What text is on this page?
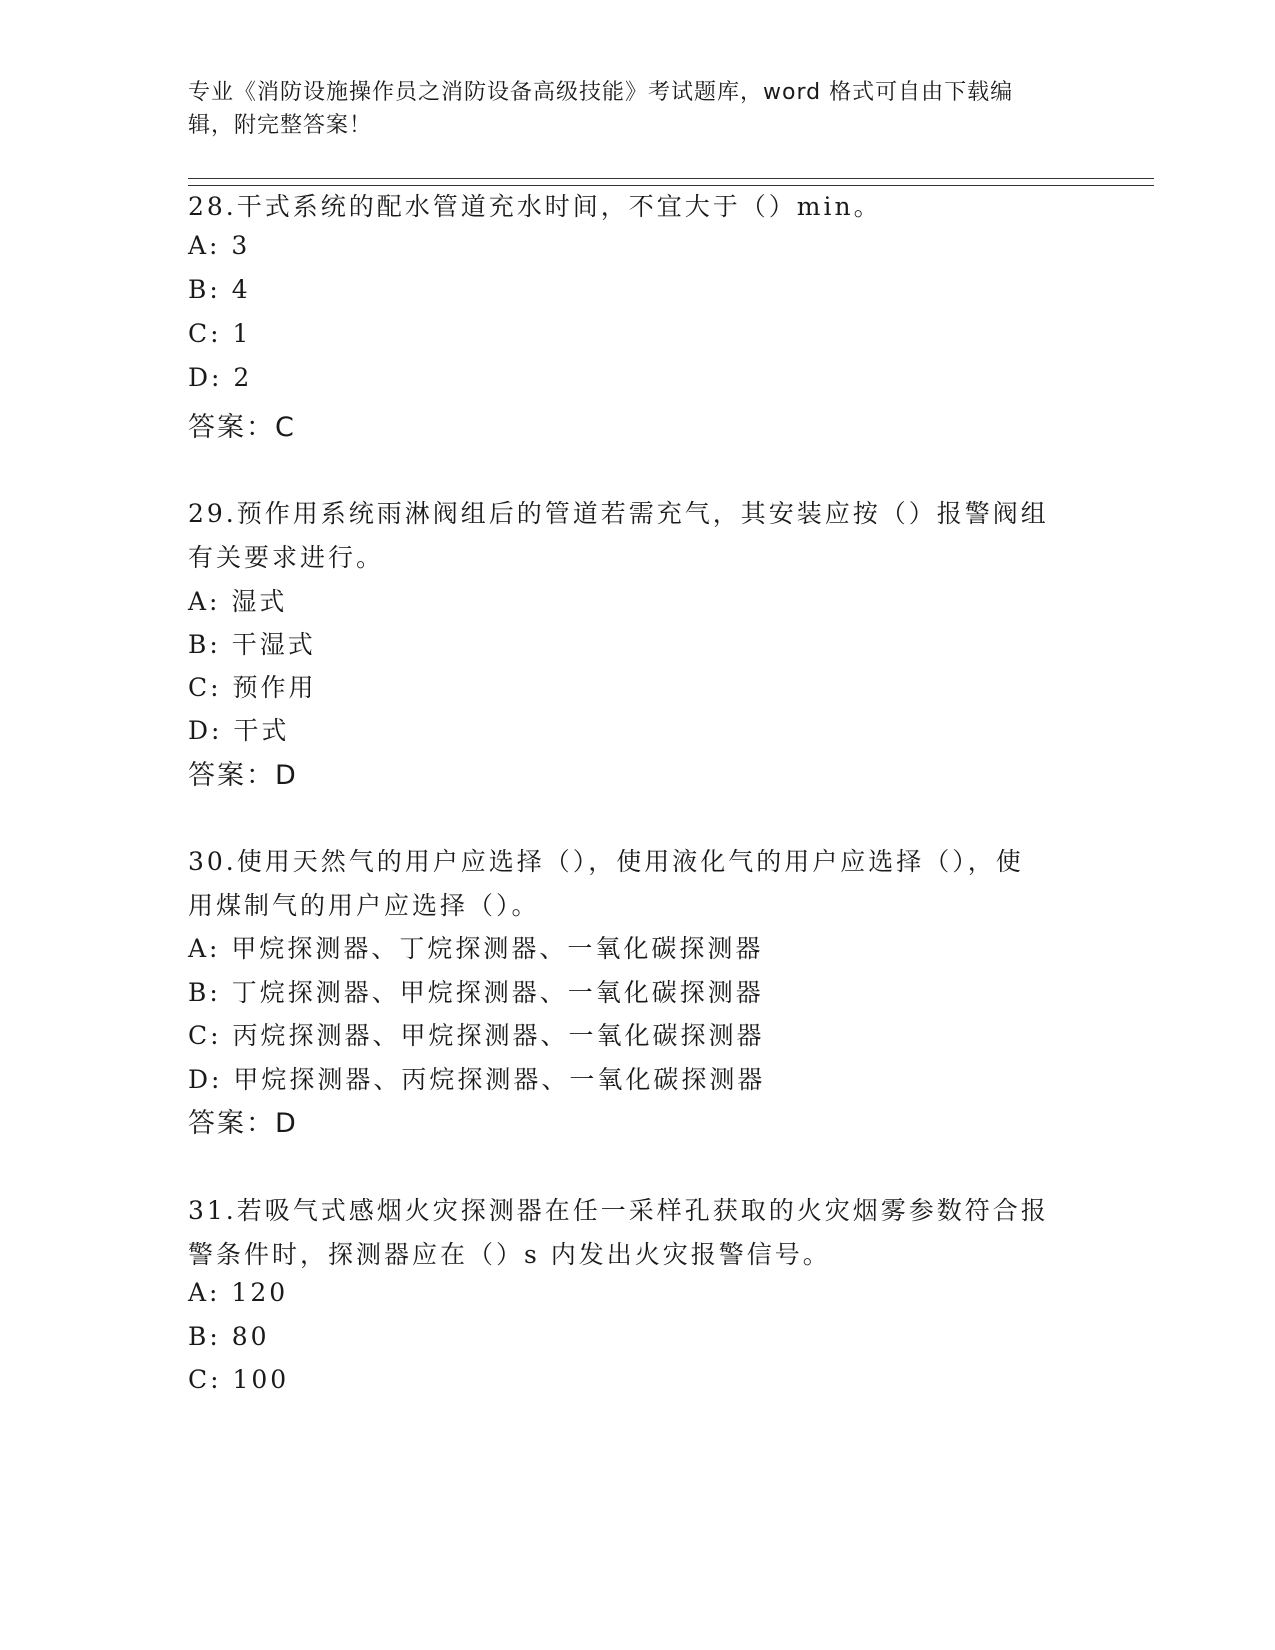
专业《消防设施操作员之消防设备高级技能》考试题库，word 格式可自由下载编
辑，附完整答案！
28.干式系统的配水管道充水时间，不宜大于（）min。
A: 3
B: 4
C: 1
D: 2
答案：C
29.预作用系统雨淋阀组后的管道若需充气，其安装应按（）报警阀组
有关要求进行。
A: 湿式
B: 干湿式
C: 预作用
D: 干式
答案：D
30.使用天然气的用户应选择（），使用液化气的用户应选择（），使
用煤制气的用户应选择（）。
A: 甲烷探测器、丁烷探测器、一氧化碳探测器
B: 丁烷探测器、甲烷探测器、一氧化碳探测器
C: 丙烷探测器、甲烷探测器、一氧化碳探测器
D: 甲烷探测器、丙烷探测器、一氧化碳探测器
答案：D
31.若吸气式感烟火灾探测器在任一采样孔获取的火灾烟雾参数符合报
警条件时，探测器应在（）s 内发出火灾报警信号。
A: 120
B: 80
C: 100
